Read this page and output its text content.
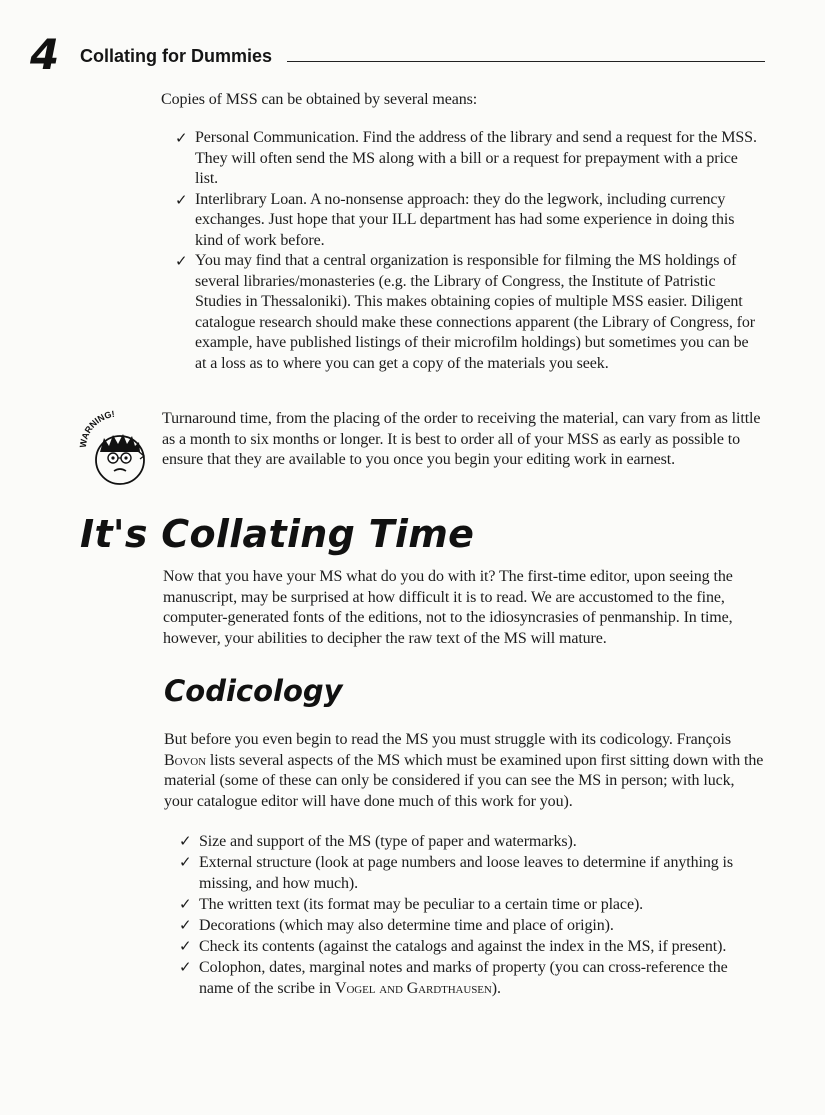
4 Collating for Dummies

Copies of MSS can be obtained by several means:

✓ Personal Communication. Find the address of the library and send a request for the MSS. They will often send the MS along with a bill or a request for prepayment with a price list.
✓ Interlibrary Loan. A no-nonsense approach: they do the legwork, including currency exchanges. Just hope that your ILL department has had some experience in doing this kind of work before.
✓ You may find that a central organization is responsible for filming the MS holdings of several libraries/monasteries (e.g. the Library of Congress, the Institute of Patristic Studies in Thessaloniki). This makes obtaining copies of multiple MSS easier. Diligent catalogue research should make these connections apparent (the Library of Congress, for example, have published listings of their microfilm holdings) but sometimes you can be at a loss as to where you can get a copy of the materials you seek.
WARNING!	Turnaround time, from the placing of the order to receiving the material, can vary from as little as a month to six months or longer. It is best to order all of your MSS as early as possible to ensure that they are available to you once you begin your editing work in earnest.

It's Collating Time

Now that you have your MS what do you do with it? The first-time editor, upon seeing the manuscript, may be surprised at how difficult it is to read. We are accustomed to the fine, computer-generated fonts of the editions, not to the idiosyncrasies of penmanship. In time, however, your abilities to decipher the raw text of the MS will mature.

Codicology

But before you even begin to read the MS you must struggle with its codicology. François Bovon lists several aspects of the MS which must be examined upon first sitting down with the material (some of these can only be considered if you can see the MS in person; with luck, your catalogue editor will have done much of this work for you).

✓ Size and support of the MS (type of paper and watermarks).
✓ External structure (look at page numbers and loose leaves to determine if anything is missing, and how much).
✓ The written text (its format may be peculiar to a certain time or place).
✓ Decorations (which may also determine time and place of origin).
✓ Check its contents (against the catalogs and against the index in the MS, if present).
✓ Colophon, dates, marginal notes and marks of property (you can cross-reference the name of the scribe in Vogel and Gardthausen).
